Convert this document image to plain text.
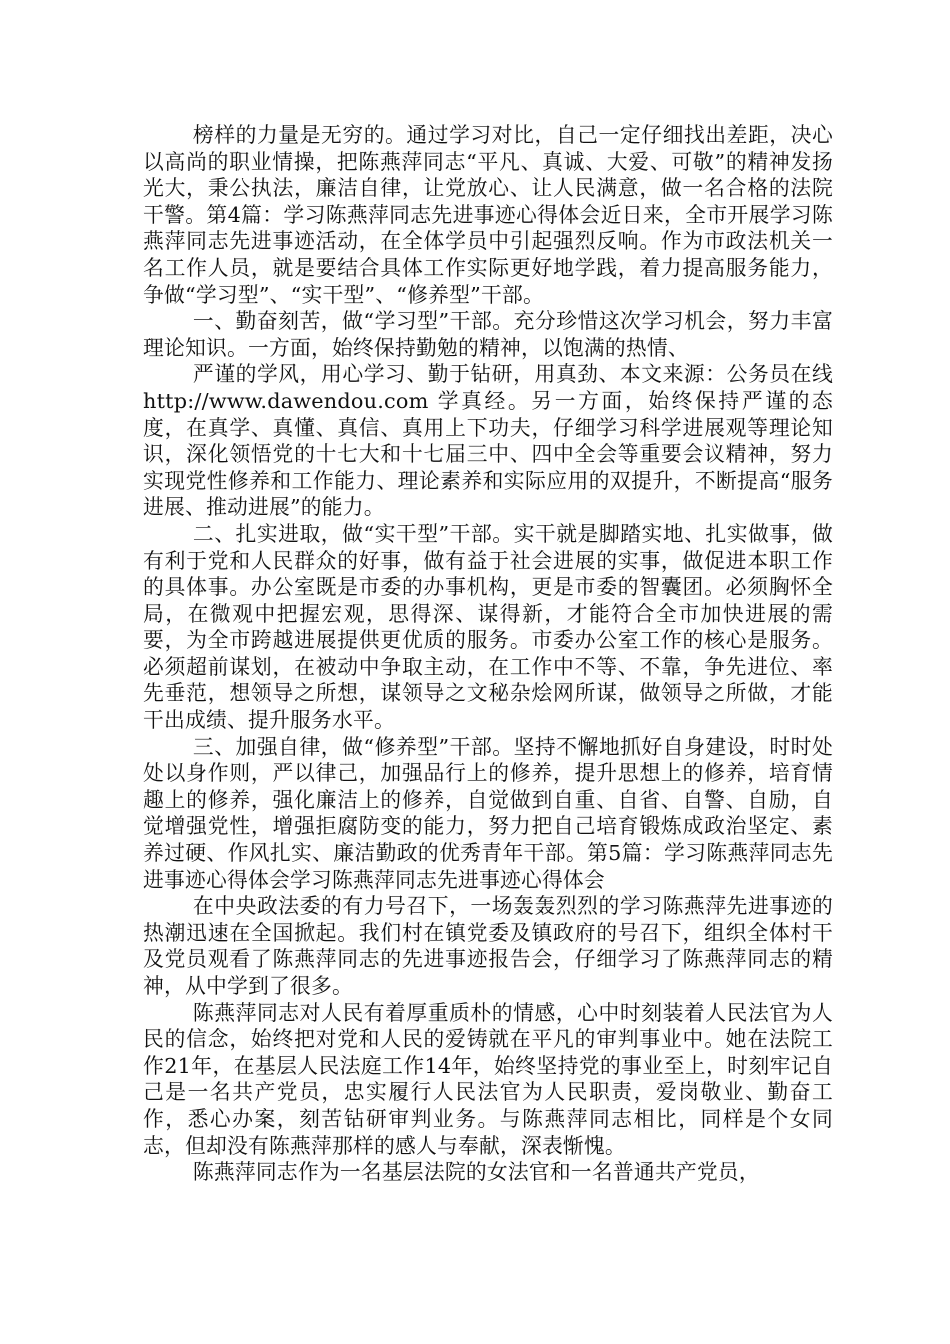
榜样的力量是无穷的。通过学习对比，自己一定仔细找出差距，决心以高尚的职业情操，把陈燕萍同志“平凡、真诚、大爱、可敬”的精神发扬光大，秉公执法，廉洁自律，让党放心、让人民满意，做一名合格的法院干警。第4篇：学习陈燕萍同志先进事迹心得体会近日来，全市开展学习陈燕萍同志先进事迹活动，在全体学员中引起强烈反响。作为市政法机关一名工作人员，就是要结合具体工作实际更好地学践，着力提高服务能力，争做“学习型”、“实干型”、“修养型”干部。

一、勤奋刻苦，做“学习型”干部。充分珍惜这次学习机会，努力丰富理论知识。一方面，始终保持勤勉的精神，以饱满的热情、

严谨的学风，用心学习、勤于钻研，用真劲、本文来源：公务员在线 http://www.dawendou.com 学真经。另一方面，始终保持严谨的态度，在真学、真懂、真信、真用上下功夫，仔细学习科学进展观等理论知识，深化领悟党的十七大和十七届三中、四中全会等重要会议精神，努力实现党性修养和工作能力、理论素养和实际应用的双提升，不断提高“服务进展、推动进展”的能力。

二、扎实进取，做“实干型”干部。实干就是脚踏实地、扎实做事，做有利于党和人民群众的好事，做有益于社会进展的实事，做促进本职工作的具体事。办公室既是市委的办事机构，更是市委的智囊团。必须胸怀全局，在微观中把握宏观，思得深、谋得新，才能符合全市加快进展的需要，为全市跨越进展提供更优质的服务。市委办公室工作的核心是服务。必须超前谋划，在被动中争取主动，在工作中不等、不靠，争先进位、率先垂范，想领导之所想，谋领导之文秘杂烩网所谋，做领导之所做，才能干出成绩、提升服务水平。

三、加强自律，做“修养型”干部。坚持不懈地抓好自身建设，时时处处以身作则，严以律己，加强品行上的修养，提升思想上的修养，培育情趣上的修养，强化廉洁上的修养，自觉做到自重、自省、自警、自励，自觉增强党性，增强拒腐防变的能力，努力把自己培育锻炼成政治坚定、素养过硬、作风扎实、廉洁勤政的优秀青年干部。第5篇：学习陈燕萍同志先进事迹心得体会学习陈燕萍同志先进事迹心得体会

在中央政法委的有力号召下，一场轰轰烈烈的学习陈燕萍先进事迹的热潮迅速在全国掀起。我们村在镇党委及镇政府的号召下，组织全体村干及党员观看了陈燕萍同志的先进事迹报告会，仔细学习了陈燕萍同志的精神，从中学到了很多。

陈燕萍同志对人民有着厚重质朴的情感，心中时刻装着人民法官为人民的信念，始终把对党和人民的爱铸就在平凡的审判事业中。她在法院工作21年，在基层人民法庭工作14年，始终坚持党的事业至上，时刻牢记自己是一名共产党员，忠实履行人民法官为人民职责，爱岗敬业、勤奋工作，悉心办案，刻苦钻研审判业务。与陈燕萍同志相比，同样是个女同志，但却没有陈燕萍那样的感人与奉献，深表惭愧。

陈燕萍同志作为一名基层法院的女法官和一名普通共产党员，
